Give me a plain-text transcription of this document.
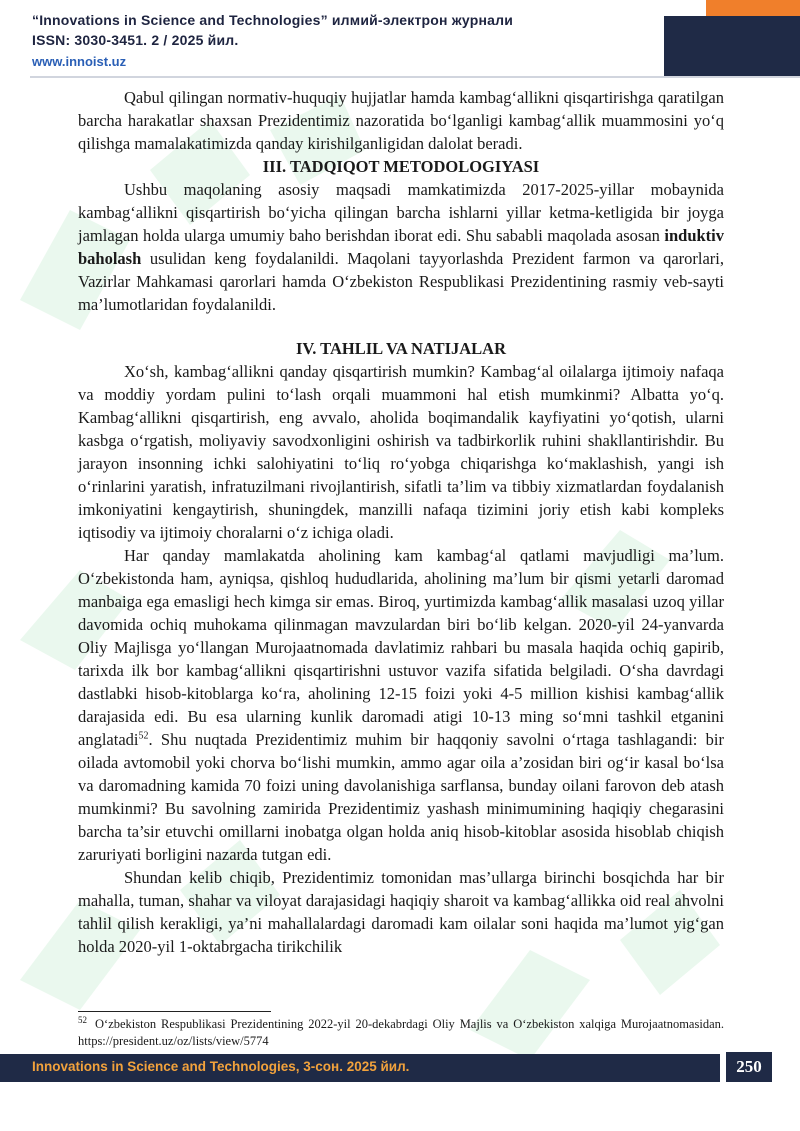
“Innovations in Science and Technologies” илмий-электрон журнали
ISSN: 3030-3451. 2 / 2025 йил.
www.innoist.uz

Qabul qilingan normativ-huquqiy hujjatlar hamda kambag‘allikni qisqartirishga qaratilgan barcha harakatlar shaxsan Prezidentimiz nazoratida bo‘lganligi kambag‘allik muammosini yo‘q qilishga mamalakatimizda qanday kirishilganligidan dalolat beradi.

III. TADQIQOT METODOLOGIYASI

Ushbu maqolaning asosiy maqsadi mamkatimizda 2017-2025-yillar mobaynida kambag‘allikni qisqartirish bo‘yicha qilingan barcha ishlarni yillar ketma-ketligida bir joyga jamlagan holda ularga umumiy baho berishdan iborat edi. Shu sababli maqolada asosan induktiv baholash usulidan keng foydalanildi. Maqolani tayyorlashda Prezident farmon va qarorlari, Vazirlar Mahkamasi qarorlari hamda O‘zbekiston Respublikasi Prezidentining rasmiy veb-sayti ma’lumotlaridan foydalanildi.

IV. TAHLIL VA NATIJALAR

Xo‘sh, kambag‘allikni qanday qisqartirish mumkin? Kambag‘al oilalarga ijtimoiy nafaqa va moddiy yordam pulini to‘lash orqali muammoni hal etish mumkinmi? Albatta yo‘q. Kambag‘allikni qisqartirish, eng avvalo, aholida boqimandalik kayfiyatini yo‘qotish, ularni kasbga o‘rgatish, moliyaviy savodxonligini oshirish va tadbirkorlik ruhini shakllantirishdir. Bu jarayon insonning ichki salohiyatini to‘liq ro‘yobga chiqarishga ko‘maklashish, yangi ish o‘rinlarini yaratish, infratuzilmani rivojlantirish, sifatli ta’lim va tibbiy xizmatlardan foydalanish imkoniyatini kengaytirish, shuningdek, manzilli nafaqa tizimini joriy etish kabi kompleks iqtisodiy va ijtimoiy choralarni o‘z ichiga oladi.

Har qanday mamlakatda aholining kam kambag‘al qatlami mavjudligi ma’lum. O‘zbekistonda ham, ayniqsa, qishloq hududlarida, aholining ma’lum bir qismi yetarli daromad manbaiga ega emasligi hech kimga sir emas. Biroq, yurtimizda kambag‘allik masalasi uzoq yillar davomida ochiq muhokama qilinmagan mavzulardan biri bo‘lib kelgan. 2020-yil 24-yanvarda Oliy Majlisga yo‘llangan Murojaatnomada davlatimiz rahbari bu masala haqida ochiq gapirib, tarixda ilk bor kambag‘allikni qisqartirishni ustuvor vazifa sifatida belgiladi. O‘sha davrdagi dastlabki hisob-kitoblarga ko‘ra, aholining 12-15 foizi yoki 4-5 million kishisi kambag‘allik darajasida edi. Bu esa ularning kunlik daromadi atigi 10-13 ming so‘mni tashkil etganini anglatadi$^{52}$. Shu nuqtada Prezidentimiz muhim bir haqqoniy savolni o‘rtaga tashlagandi: bir oilada avtomobil yoki chorva bo‘lishi mumkin, ammo agar oila a’zosidan biri og‘ir kasal bo‘lsa va daromadning kamida 70 foizi uning davolanishiga sarflansa, bunday oilani farovon deb atash mumkinmi? Bu savolning zamirida Prezidentimiz yashash minimumining haqiqiy chegarasini barcha ta’sir etuvchi omillarni inobatga olgan holda aniq hisob-kitoblar asosida hisoblab chiqish zaruriyati borligini nazarda tutgan edi.

Shundan kelib chiqib, Prezidentimiz tomonidan mas’ullarga birinchi bosqichda har bir mahalla, tuman, shahar va viloyat darajasidagi haqiqiy sharoit va kambag‘allikka oid real ahvolni tahlil qilish kerakligi, ya’ni mahallalardagi daromadi kam oilalar soni haqida ma’lumot yig‘gan holda 2020-yil 1-oktabrgacha tirikchilik

$^{52}$ O‘zbekiston Respublikasi Prezidentining 2022-yil 20-dekabrdagi Oliy Majlis va O‘zbekiston xalqiga Murojaatnomasidan. https://president.uz/oz/lists/view/5774
Innovations in Science and Technologies, 3-сон. 2025 йил.	250
